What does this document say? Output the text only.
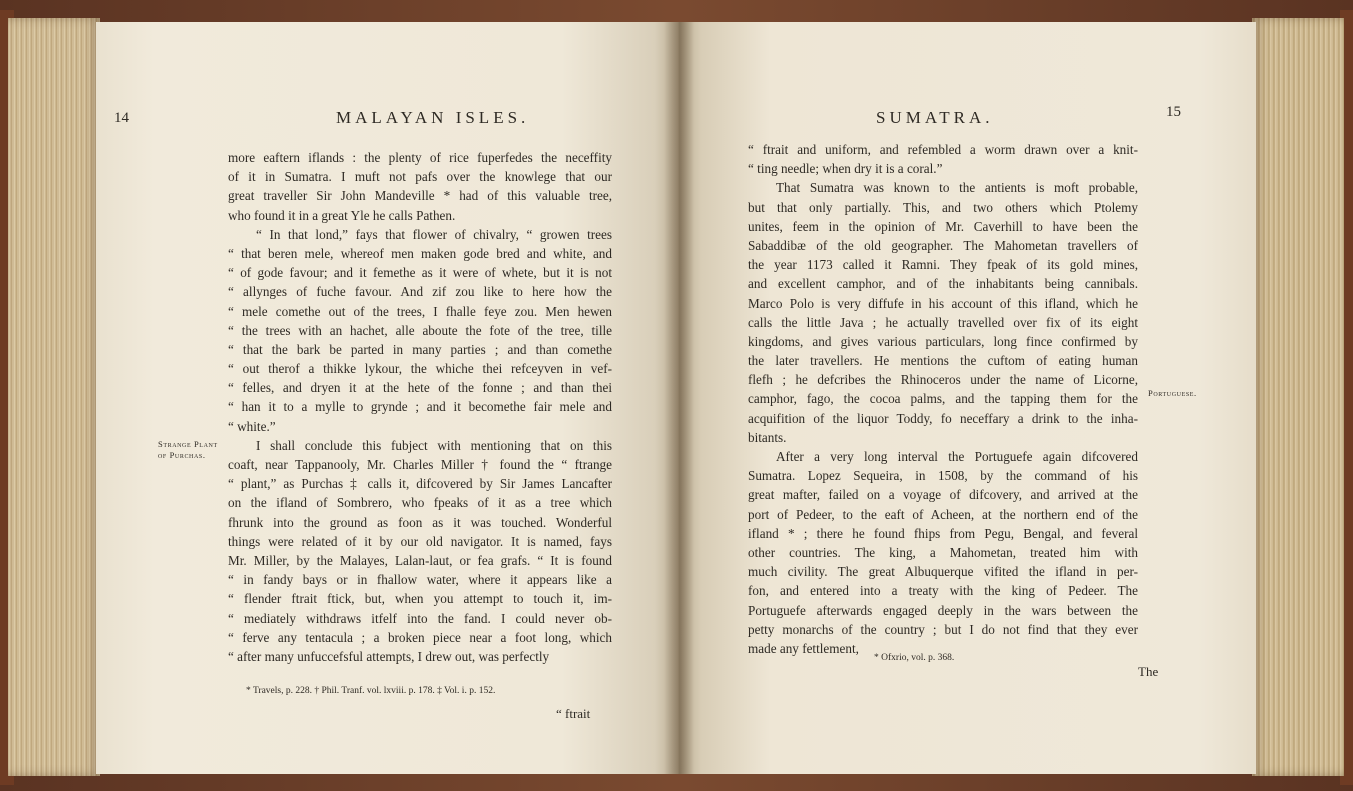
14	MALAYAN ISLES.
more eaftern iflands : the plenty of rice fuperfedes the neceffity
of it in Sumatra. I muft not pafs over the knowlege that our
great traveller Sir John Mandeville * had of this valuable tree,
who found it in a great Yle he calls Pathen.
“ In that lond,” fays that flower of chivalry, “ growen trees
“ that beren mele, whereof men maken gode bred and white, and
“ of gode favour; and it femethe as it were of whete, but it is not
“ allynges of fuche favour. And zif zou like to here how the
“ mele comethe out of the trees, I fhalle feye zou. Men hewen
“ the trees with an hachet, alle aboute the fote of the tree, tille
“ that the bark be parted in many parties ; and than comethe
“ out therof a thikke lykour, the whiche thei refceyven in vef-
“ felles, and dryen it at the hete of the fonne ; and than thei
“ han it to a mylle to grynde ; and it becomethe fair mele and
“ white.”
I shall conclude this fubject with mentioning that on this
coaft, near Tappanooly, Mr. Charles Miller † found the “ ftrange
“ plant,” as Purchas ‡ calls it, difcovered by Sir James Lancafter
on the ifland of Sombrero, who fpeaks of it as a tree which
fhrunk into the ground as foon as it was touched. Wonderful
things were related of it by our old navigator. It is named, fays
Mr. Miller, by the Malayes, Lalan-laut, or fea grafs. “ It is found
“ in fandy bays or in fhallow water, where it appears like a
“ flender ftrait ftick, but, when you attempt to touch it, im-
“ mediately withdraws itfelf into the fand. I could never ob-
“ ferve any tentacula ; a broken piece near a foot long, which
“ after many unfuccefsful attempts, I drew out, was perfectly
Strange Plant
of Purchas.
* Travels, p. 228. † Phil. Tranf. vol. lxviii. p. 178. ‡ Vol. i. p. 152.
“ ftrait
SUMATRA.	15
“ ftrait and uniform, and refembled a worm drawn over a knit-
“ ting needle; when dry it is a coral.”
That Sumatra was known to the antients is moft probable,
but that only partially. This, and two others which Ptolemy
unites, feem in the opinion of Mr. Caverhill to have been the
Sabaddibæ of the old geographer. The Mahometan travellers of
the year 1173 called it Ramni. They fpeak of its gold mines,
and excellent camphor, and of the inhabitants being cannibals.
Marco Polo is very diffufe in his account of this ifland, which he
calls the little Java ; he actually travelled over fix of its eight
kingdoms, and gives various particulars, long fince confirmed by
the later travellers. He mentions the cuftom of eating human
flefh ; he defcribes the Rhinoceros under the name of Licorne,
camphor, fago, the cocoa palms, and the tapping them for the
acquifition of the liquor Toddy, fo neceffary a drink to the inha-
bitants.
After a very long interval the Portuguefe again difcovered
Sumatra. Lopez Sequeira, in 1508, by the command of his
great mafter, failed on a voyage of difcovery, and arrived at the
port of Pedeer, to the eaft of Acheen, at the northern end of the
ifland * ; there he found fhips from Pegu, Bengal, and feveral
other countries. The king, a Mahometan, treated him with
much civility. The great Albuquerque vifited the ifland in per-
fon, and entered into a treaty with the king of Pedeer. The
Portuguefe afterwards engaged deeply in the wars between the
petty monarchs of the country ; but I do not find that they ever
made any fettlement,
Portuguese.
* Ofxrio, vol. p. 368.
The
